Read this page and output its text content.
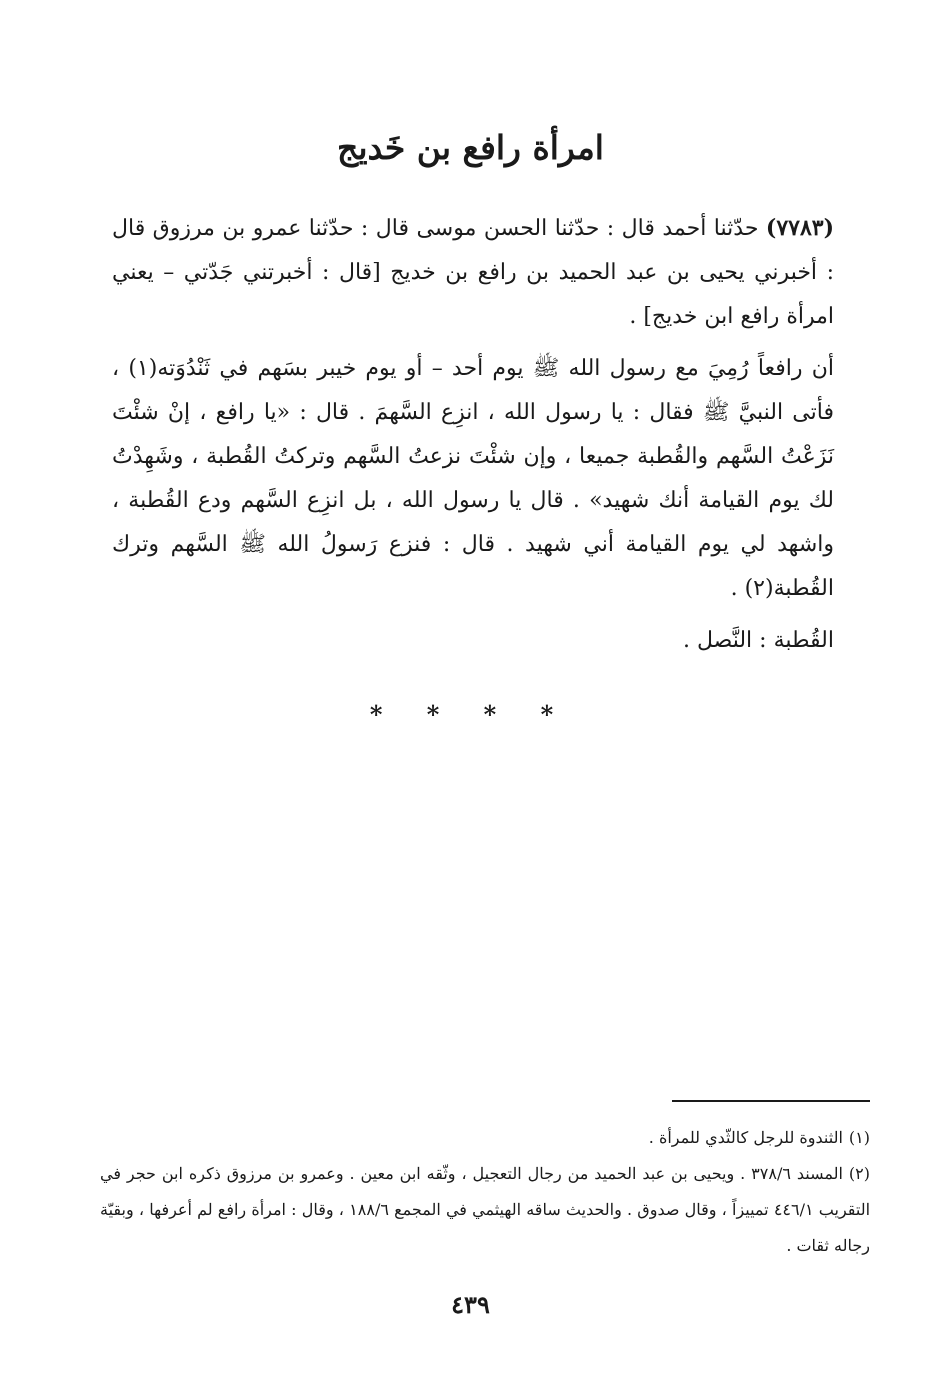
امرأة رافع بن خَديج

(٧٧٨٣) حدّثنا أحمد قال : حدّثنا الحسن موسى قال : حدّثنا عمرو بن مرزوق قال : أخبرني يحيى بن عبد الحميد بن رافع بن خديج [قال : أخبرتني جَدّتي – يعني امرأة رافع ابن خديج] .

أن رافعاً رُمِيَ مع رسول الله ﷺ يوم أحد – أو يوم خيبر بسَهم في ثَنْدُوَته(١) ، فأتى النبيَّ ﷺ فقال : يا رسول الله ، انزِع السَّهمَ . قال : «يا رافع ، إنْ شئْتَ نَزَعْتُ السَّهم والقُطبة جميعا ، وإن شئْتَ نزعتُ السَّهم وتركتُ القُطبة ، وشَهِدْتُ لك يوم القيامة أنك شهيد» . قال يا رسول الله ، بل انزِع السَّهم ودع القُطبة ، واشهد لي يوم القيامة أني شهيد . قال : فنزع رَسولُ الله ﷺ السَّهم وترك القُطبة(٢) .

القُطبة : النَّصل .

* * * *

(١)الثندوة للرجل كالثّدي للمرأة .

(٢)المسند ٣٧٨/٦ . ويحيى بن عبد الحميد من رجال التعجيل ، وثّقه ابن معين . وعمرو بن مرزوق ذكره ابن حجر في التقريب ٤٤٦/١ تمييزاً ، وقال صدوق . والحديث ساقه الهيثمي في المجمع ١٨٨/٦ ، وقال : امرأة رافع لم أعرفها ، وبقيّة رجاله ثقات .

٤٣٩
